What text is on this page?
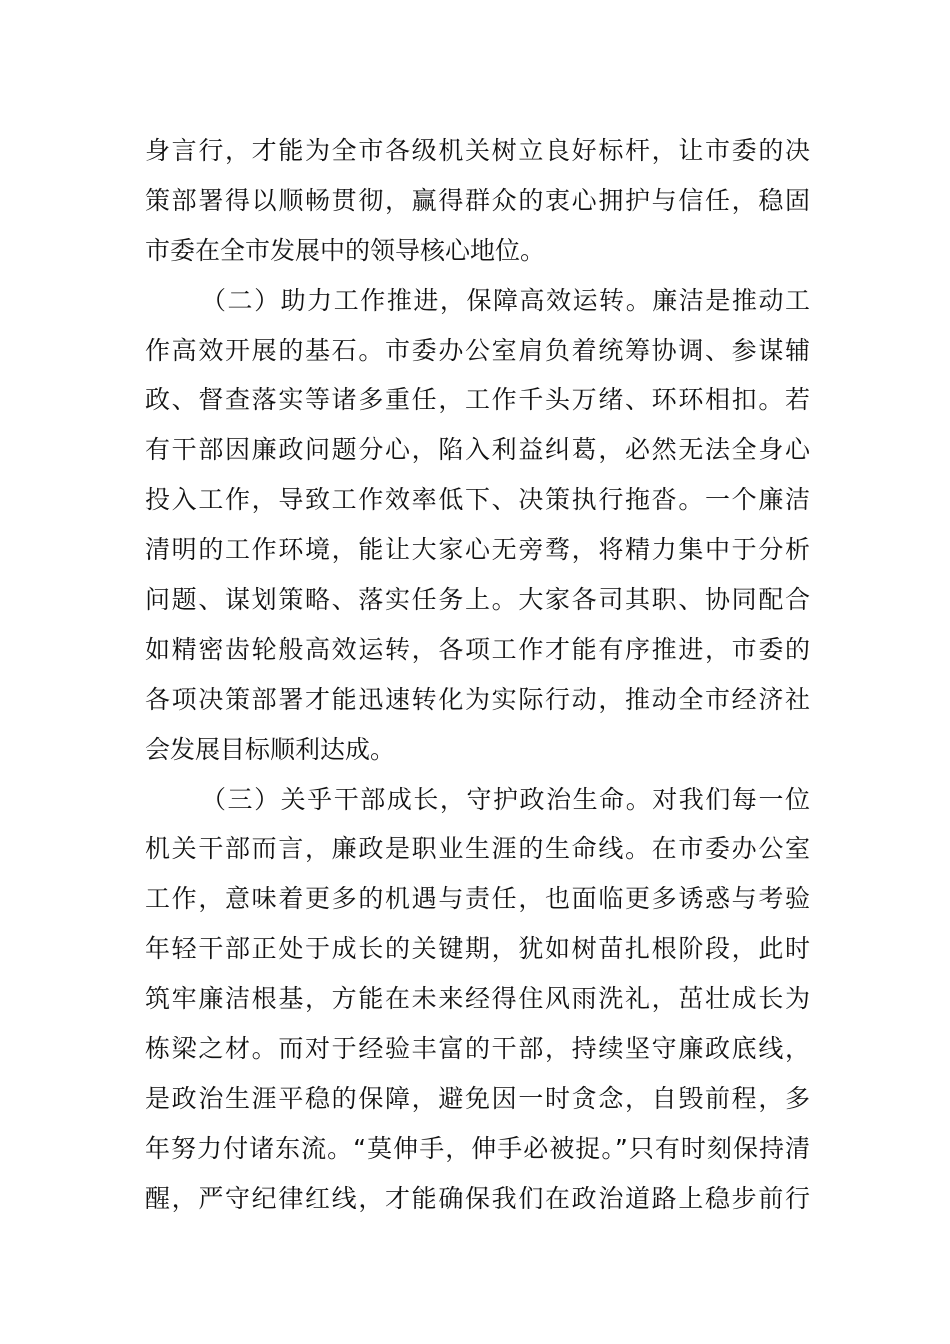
身言行，才能为全市各级机关树立良好标杆，让市委的决
策部署得以顺畅贯彻，赢得群众的衷心拥护与信任，稳固
市委在全市发展中的领导核心地位。
（二）助力工作推进，保障高效运转。廉洁是推动工
作高效开展的基石。市委办公室肩负着统筹协调、参谋辅
政、督查落实等诸多重任，工作千头万绪、环环相扣。若
有干部因廉政问题分心，陷入利益纠葛，必然无法全身心
投入工作，导致工作效率低下、决策执行拖沓。一个廉洁
清明的工作环境，能让大家心无旁骛，将精力集中于分析
问题、谋划策略、落实任务上。大家各司其职、协同配合
如精密齿轮般高效运转，各项工作才能有序推进，市委的
各项决策部署才能迅速转化为实际行动，推动全市经济社
会发展目标顺利达成。
（三）关乎干部成长，守护政治生命。对我们每一位
机关干部而言，廉政是职业生涯的生命线。在市委办公室
工作，意味着更多的机遇与责任，也面临更多诱惑与考验
年轻干部正处于成长的关键期，犹如树苗扎根阶段，此时
筑牢廉洁根基，方能在未来经得住风雨洗礼，茁壮成长为
栋梁之材。而对于经验丰富的干部，持续坚守廉政底线，
是政治生涯平稳的保障，避免因一时贪念，自毁前程，多
年努力付诸东流。“莫伸手，伸手必被捉。”只有时刻保持清
醒，严守纪律红线，才能确保我们在政治道路上稳步前行
